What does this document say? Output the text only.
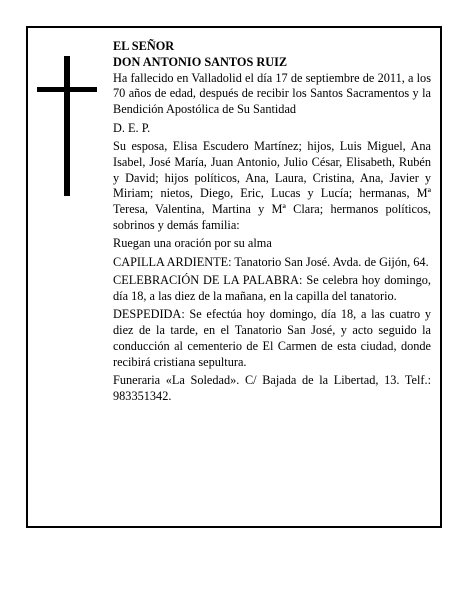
EL SEÑOR

DON ANTONIO SANTOS RUIZ

Ha fallecido en Valladolid el día 17 de septiembre de 2011, a los 70 años de edad, después de recibir los Santos Sacramentos y la Bendición Apostólica de Su Santidad

D. E. P.

Su esposa, Elisa Escudero Martínez; hijos, Luis Miguel, Ana Isabel, José María, Juan Antonio, Julio César, Elisabeth, Rubén y David; hijos políticos, Ana, Laura, Cristina, Ana, Javier y Miriam; nietos, Diego, Eric, Lucas y Lucía; hermanas, Mª Teresa, Valentina, Martina y Mª Clara; hermanos políticos, sobrinos y demás familia:

Ruegan una oración por su alma

CAPILLA ARDIENTE: Tanatorio San José. Avda. de Gijón, 64.

CELEBRACIÓN DE LA PALABRA: Se celebra hoy domingo, día 18, a las diez de la mañana, en la capilla del tanatorio.

DESPEDIDA: Se efectúa hoy domingo, día 18, a las cuatro y diez de la tarde, en el Tanatorio San José, y acto seguido la conducción al cementerio de El Carmen de esta ciudad, donde recibirá cristiana sepultura.

Funeraria «La Soledad». C/ Bajada de la Libertad, 13. Telf.: 983351342.
